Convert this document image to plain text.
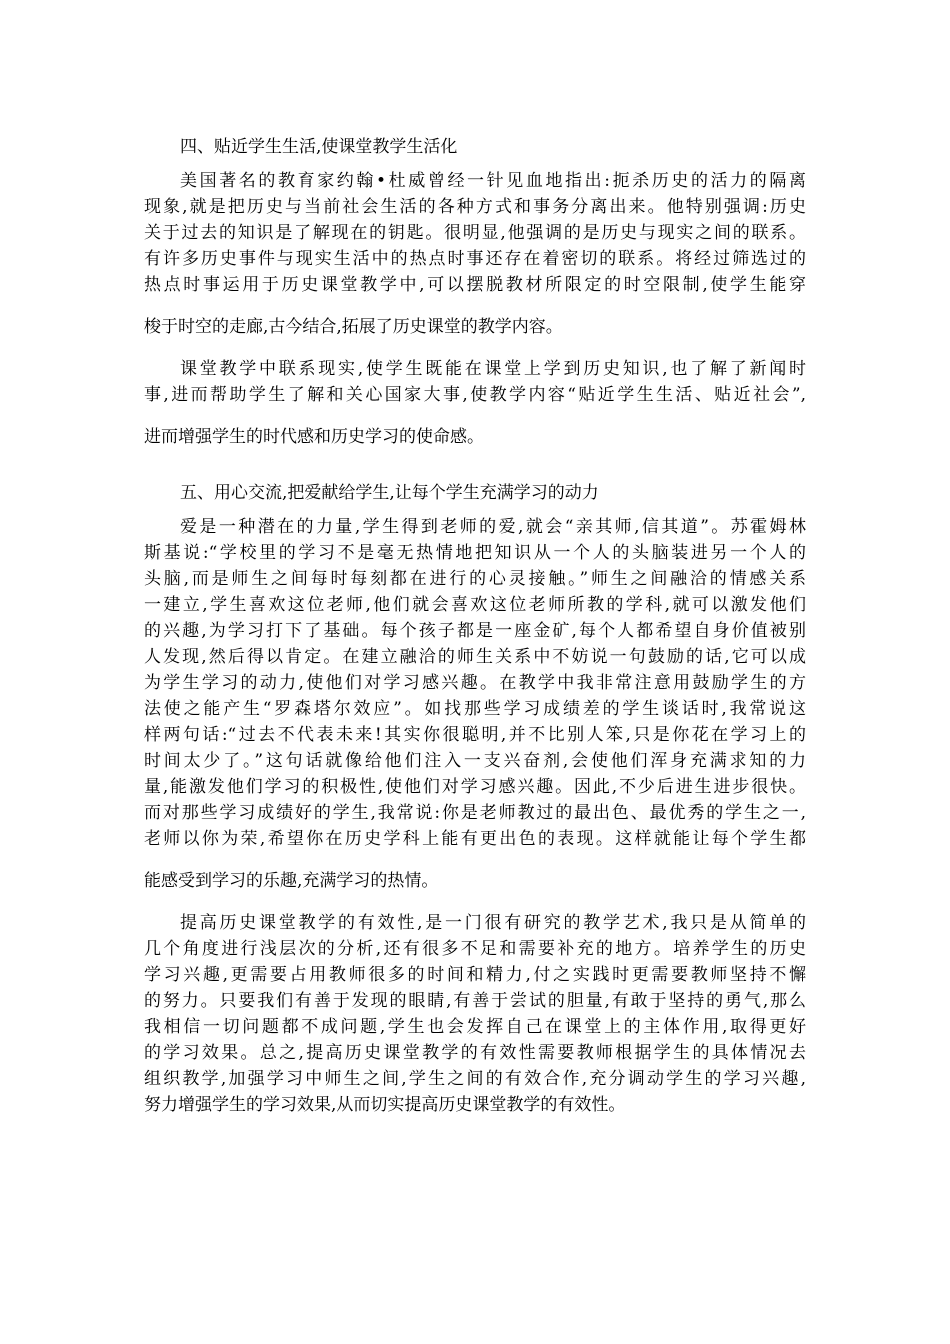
四、贴近学生生活,使课堂教学生活化
美国著名的教育家约翰•杜威曾经一针见血地指出:扼杀历史的活力的隔离
现象,就是把历史与当前社会生活的各种方式和事务分离出来。他特别强调:历史
关于过去的知识是了解现在的钥匙。很明显,他强调的是历史与现实之间的联系。
有许多历史事件与现实生活中的热点时事还存在着密切的联系。将经过筛选过的
热点时事运用于历史课堂教学中,可以摆脱教材所限定的时空限制,使学生能穿
梭于时空的走廊,古今结合,拓展了历史课堂的教学内容。
课堂教学中联系现实,使学生既能在课堂上学到历史知识,也了解了新闻时
事,进而帮助学生了解和关心国家大事,使教学内容“贴近学生生活、贴近社会”,
进而增强学生的时代感和历史学习的使命感。
五、用心交流,把爱献给学生,让每个学生充满学习的动力
爱是一种潜在的力量,学生得到老师的爱,就会“亲其师,信其道”。苏霍姆林
斯基说:“学校里的学习不是毫无热情地把知识从一个人的头脑装进另一个人的
头脑,而是师生之间每时每刻都在进行的心灵接触。”师生之间融洽的情感关系
一建立,学生喜欢这位老师,他们就会喜欢这位老师所教的学科,就可以激发他们
的兴趣,为学习打下了基础。每个孩子都是一座金矿,每个人都希望自身价值被别
人发现,然后得以肯定。在建立融洽的师生关系中不妨说一句鼓励的话,它可以成
为学生学习的动力,使他们对学习感兴趣。在教学中我非常注意用鼓励学生的方
法使之能产生“罗森塔尔效应”。如找那些学习成绩差的学生谈话时,我常说这
样两句话:“过去不代表未来!其实你很聪明,并不比别人笨,只是你花在学习上的
时间太少了。”这句话就像给他们注入一支兴奋剂,会使他们浑身充满求知的力
量,能激发他们学习的积极性,使他们对学习感兴趣。因此,不少后进生进步很快。
而对那些学习成绩好的学生,我常说:你是老师教过的最出色、最优秀的学生之一,
老师以你为荣,希望你在历史学科上能有更出色的表现。这样就能让每个学生都
能感受到学习的乐趣,充满学习的热情。
提高历史课堂教学的有效性,是一门很有研究的教学艺术,我只是从简单的
几个角度进行浅层次的分析,还有很多不足和需要补充的地方。培养学生的历史
学习兴趣,更需要占用教师很多的时间和精力,付之实践时更需要教师坚持不懈
的努力。只要我们有善于发现的眼睛,有善于尝试的胆量,有敢于坚持的勇气,那么
我相信一切问题都不成问题,学生也会发挥自己在课堂上的主体作用,取得更好
的学习效果。总之,提高历史课堂教学的有效性需要教师根据学生的具体情况去
组织教学,加强学习中师生之间,学生之间的有效合作,充分调动学生的学习兴趣,
努力增强学生的学习效果,从而切实提高历史课堂教学的有效性。
